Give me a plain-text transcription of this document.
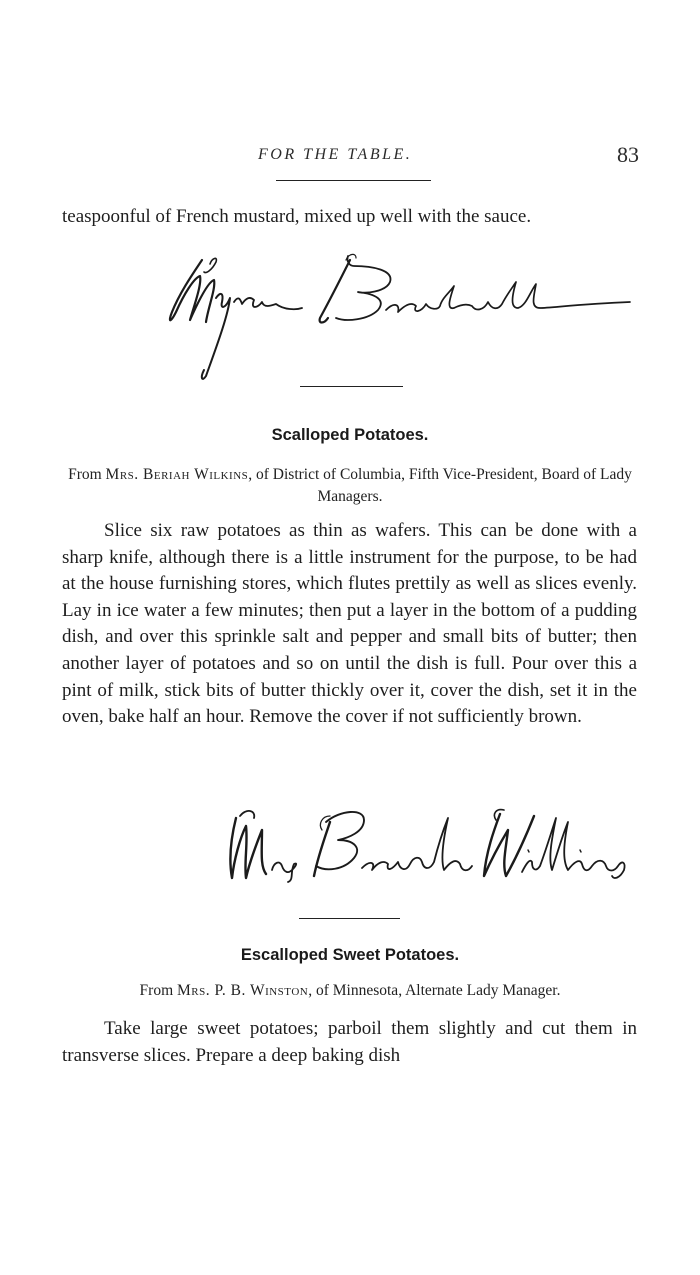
FOR THE TABLE.	83

teaspoonful of French mustard, mixed up well with the sauce.

Scalloped Potatoes.
From Mrs. Beriah Wilkins, of District of Columbia, Fifth Vice-President, Board of Lady Managers.

Slice six raw potatoes as thin as wafers. This can be done with a sharp knife, although there is a little instrument for the purpose, to be had at the house furnishing stores, which flutes prettily as well as slices evenly. Lay in ice water a few minutes; then put a layer in the bottom of a pudding dish, and over this sprinkle salt and pepper and small bits of butter; then another layer of potatoes and so on until the dish is full. Pour over this a pint of milk, stick bits of butter thickly over it, cover the dish, set it in the oven, bake half an hour. Remove the cover if not sufficiently brown.

Escalloped Sweet Potatoes.
From Mrs. P. B. Winston, of Minnesota, Alternate Lady Manager.

Take large sweet potatoes; parboil them slightly and cut them in transverse slices. Prepare a deep baking dish
